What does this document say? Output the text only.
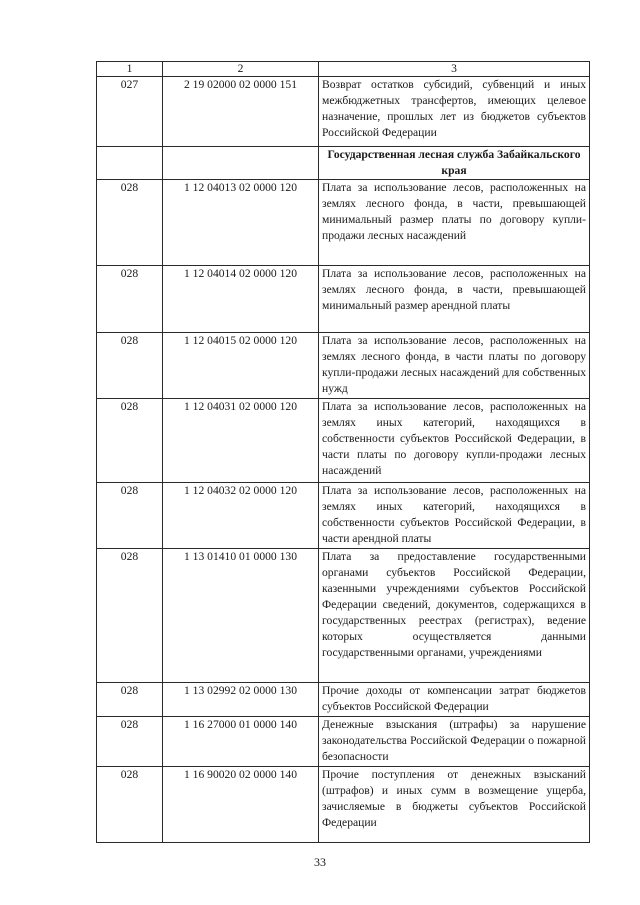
1	2	3
027	2 19 02000 02 0000 151	Возврат остатков субсидий, субвенций и иных межбюджетных трансфертов, имеющих целевое назначение, прошлых лет из бюджетов субъектов Российской Федерации
		Государственная лесная служба Забайкальского края
028	1 12 04013 02 0000 120	Плата за использование лесов, расположенных на землях лесного фонда, в части, превышающей минимальный размер платы по договору купли-продажи лесных насаждений
028	1 12 04014 02 0000 120	Плата за использование лесов, расположенных на землях лесного фонда, в части, превышающей минимальный размер арендной платы
028	1 12 04015 02 0000 120	Плата за использование лесов, расположенных на землях лесного фонда, в части платы по договору купли-продажи лесных насаждений для собственных нужд
028	1 12 04031 02 0000 120	Плата за использование лесов, расположенных на землях иных категорий, находящихся в собственности субъектов Российской Федерации, в части платы по договору купли-продажи лесных насаждений
028	1 12 04032 02 0000 120	Плата за использование лесов, расположенных на землях иных категорий, находящихся в собственности субъектов Российской Федерации, в части арендной платы
028	1 13 01410 01 0000 130	Плата за предоставление государственными органами субъектов Российской Федерации, казенными учреждениями субъектов Российской Федерации сведений, документов, содержащихся в государственных реестрах (регистрах), ведение которых осуществляется данными государственными органами, учреждениями
028	1 13 02992 02 0000 130	Прочие доходы от компенсации затрат бюджетов субъектов Российской Федерации
028	1 16 27000 01 0000 140	Денежные взыскания (штрафы) за нарушение законодательства Российской Федерации о пожарной безопасности
028	1 16 90020 02 0000 140	Прочие поступления от денежных взысканий (штрафов) и иных сумм в возмещение ущерба, зачисляемые в бюджеты субъектов Российской Федерации
33
